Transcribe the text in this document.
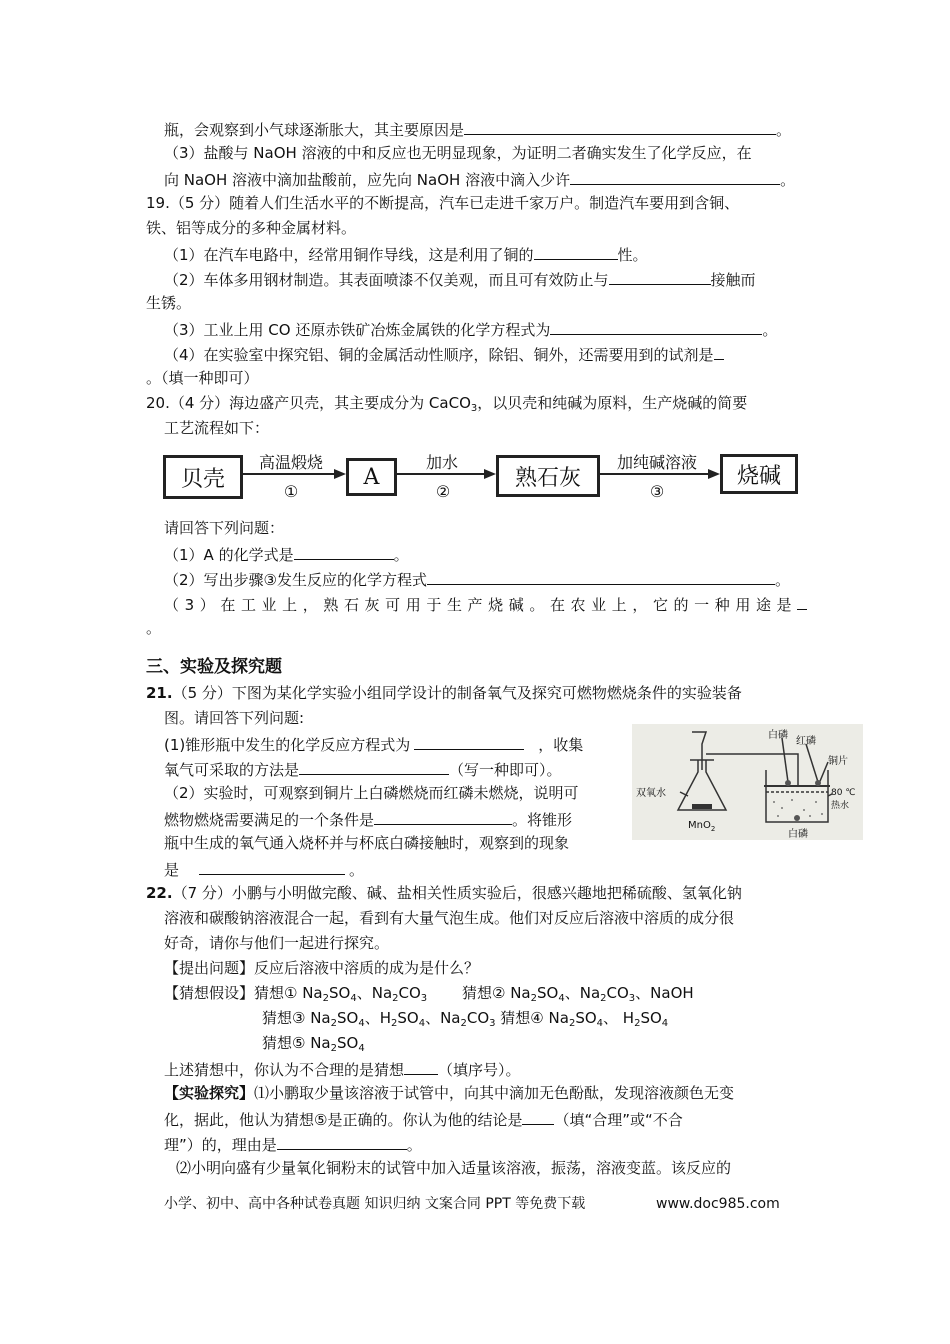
瓶，会观察到小气球逐渐胀大，其主要原因是	。
（3）盐酸与 NaOH 溶液的中和反应也无明显现象，为证明二者确实发生了化学反应，在
向 NaOH 溶液中滴加盐酸前，应先向 NaOH 溶液中滴入少许	。
19.（5 分）随着人们生活水平的不断提高，汽车已走进千家万户。制造汽车要用到含铜、
铁、铝等成分的多种金属材料。
（1）在汽车电路中，经常用铜作导线，这是利用了铜的	性。
（2）车体多用钢材制造。其表面喷漆不仅美观，而且可有效防止与	接触而
生锈。
（3）工业上用 CO 还原赤铁矿冶炼金属铁的化学方程式为	。
（4）在实验室中探究铝、铜的金属活动性顺序，除铝、铜外，还需要用到的试剂是
。（填一种即可）
20.（4 分）海边盛产贝壳，其主要成分为 CaCO$_3$，以贝壳和纯碱为原料，生产烧碱的简要
工艺流程如下：
贝壳	A	熟石灰	烧碱
高温煅烧	加水	加纯碱溶液
①	②	③
请回答下列问题：
（1）A 的化学式是	。
（2）写出步骤③发生反应的化学方程式	。
（3）在工业上，熟石灰可用于生产烧碱。在农业上，它的一种用途是
。
三、实验及探究题
21.（5 分）下图为某化学实验小组同学设计的制备氧气及探究可燃物燃烧条件的实验装备
图。请回答下列问题:
(1)锥形瓶中发生的化学反应方程式为	，收集
氧气可采取的方法是	（写一种即可）。
（2）实验时，可观察到铜片上白磷燃烧而红磷未燃烧，说明可
燃物燃烧需要满足的一个条件是	。将锥形
瓶中生成的氧气通入烧杯并与杯底白磷接触时，观察到的现象
是	。
白磷
红磷
铜片
80 ℃热水
双氧水
MnO$_2$	白磷
22.（7 分）小鹏与小明做完酸、碱、盐相关性质实验后，很感兴趣地把稀硫酸、氢氧化钠
溶液和碳酸钠溶液混合一起，看到有大量气泡生成。他们对反应后溶液中溶质的成分很
好奇，请你与他们一起进行探究。
【提出问题】反应后溶液中溶质的成为是什么？
【猜想假设】猜想① $Na_2SO_4$、$Na_2CO_3$ 猜想② $Na_2SO_4$、$Na_2CO_3$、NaOH
猜想③ $Na_2SO_4$、$H_2SO_4$、$Na_2CO_3$ 猜想④ $Na_2SO_4$、 $H_2SO_4$
猜想⑤ $Na_2SO_4$
上述猜想中，你认为不合理的是猜想 （填序号）。
【实验探究】⑴小鹏取少量该溶液于试管中，向其中滴加无色酚酞，发现溶液颜色无变
化，据此，他认为猜想⑤是正确的。你认为他的结论是 （填“合理”或“不合
理”）的，理由是	。
⑵小明向盛有少量氧化铜粉末的试管中加入适量该溶液，振荡，溶液变蓝。该反应的
小学、初中、高中各种试卷真题 知识归纳 文案合同 PPT 等免费下载	www.doc985.com
